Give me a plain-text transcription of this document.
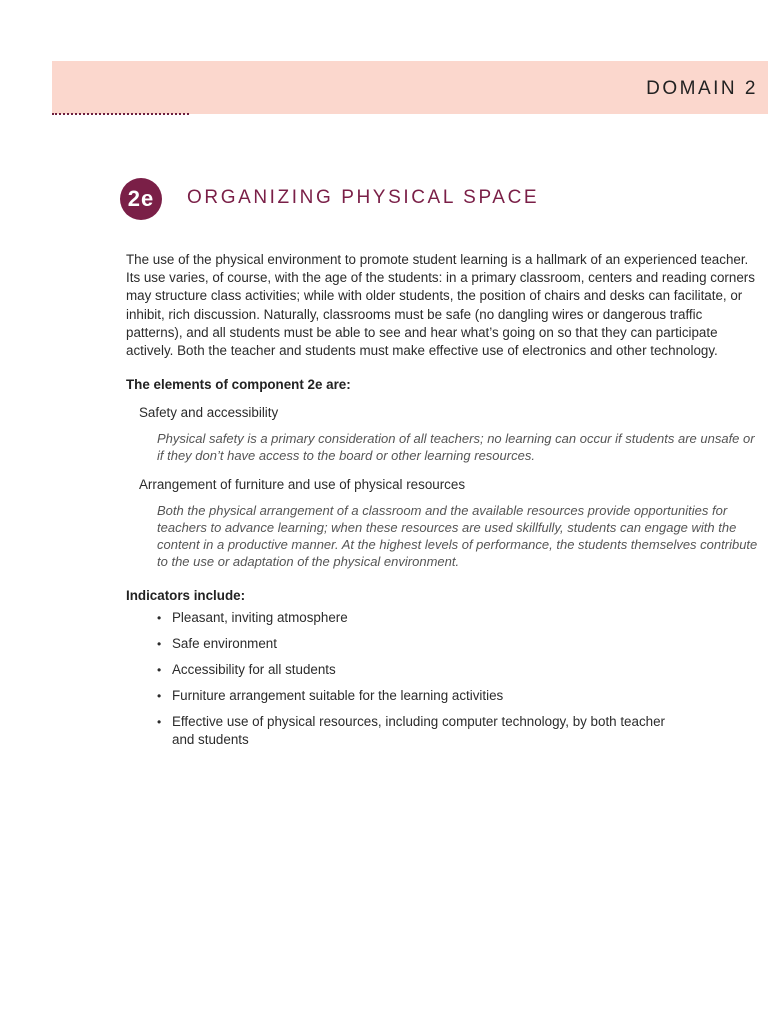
DOMAIN 2
2e	ORGANIZING PHYSICAL SPACE

The use of the physical environment to promote student learning is a hallmark of an experienced teacher. Its use varies, of course, with the age of the students: in a primary classroom, centers and reading corners may structure class activities; while with older students, the position of chairs and desks can facilitate, or inhibit, rich discussion. Naturally, classrooms must be safe (no dangling wires or dangerous traffic patterns), and all students must be able to see and hear what’s going on so that they can participate actively. Both the teacher and students must make effective use of electronics and other technology.

The elements of component 2e are:

Safety and accessibility

Physical safety is a primary consideration of all teachers; no learning can occur if students are unsafe or if they don’t have access to the board or other learning resources.

Arrangement of furniture and use of physical resources

Both the physical arrangement of a classroom and the available resources provide opportunities for teachers to advance learning; when these resources are used skillfully, students can engage with the content in a productive manner. At the highest levels of performance, the students themselves contribute to the use or adaptation of the physical environment.

Indicators include:

• Pleasant, inviting atmosphere
• Safe environment
• Accessibility for all students
• Furniture arrangement suitable for the learning activities
• Effective use of physical resources, including computer technology, by both teacher and students
